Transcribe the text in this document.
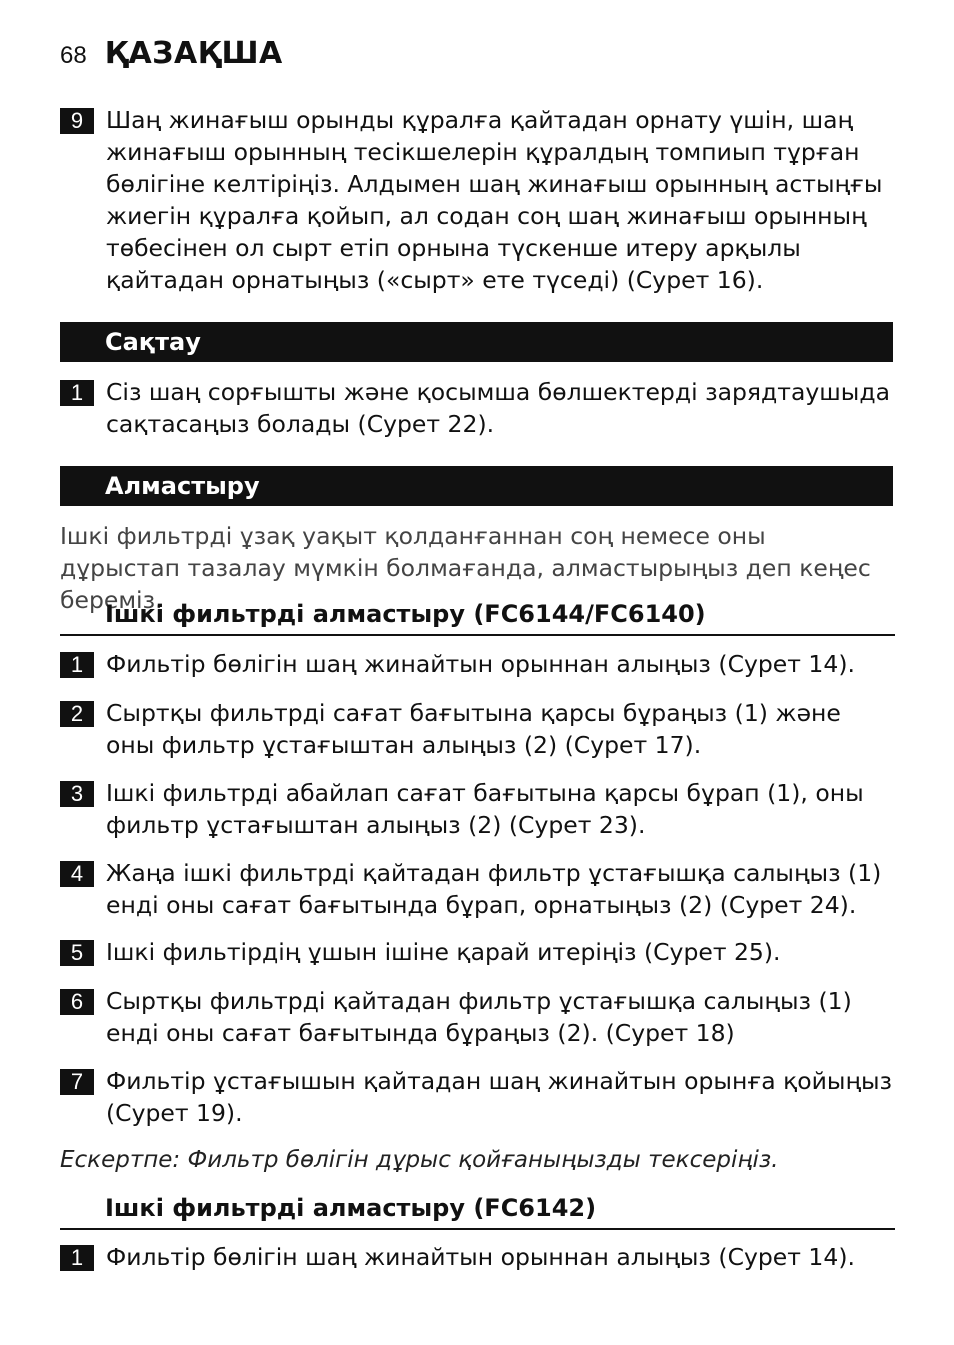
68 ҚАЗАҚША
9 Шаң жинағыш орынды құралға қайтадан орнату үшін, шаң жинағыш орынның тесікшелерін құралдың томпиып тұрған бөлігіне келтіріңіз. Алдымен шаң жинағыш орынның астыңғы жиегін құралға қойып, ал содан соң шаң жинағыш орынның төбесінен ол сырт етіп орнына түскенше итеру арқылы қайтадан орнатыңыз («сырт» ете түседі) (Сурет 16).
Сақтау
1 Сіз шаң сорғышты және қосымша бөлшектерді зарядтаушыда сақтасаңыз болады (Сурет 22).
Алмастыру
Ішкі фильтрді ұзақ уақыт қолданғаннан соң немесе оны дұрыстап тазалау мүмкін болмағанда, алмастырыңыз деп кеңес береміз.
Ішкі фильтрді алмастыру (FC6144/FC6140)
1 Фильтір бөлігін шаң жинайтын орыннан алыңыз (Сурет 14).
2 Сыртқы фильтрді сағат бағытына қарсы бұраңыз (1) және оны фильтр ұстағыштан алыңыз (2) (Сурет 17).
3 Ішкі фильтрді абайлап сағат бағытына қарсы бұрап (1), оны фильтр ұстағыштан алыңыз (2) (Сурет 23).
4 Жаңа ішкі фильтрді қайтадан фильтр ұстағышқа салыңыз (1) енді оны сағат бағытында бұрап, орнатыңыз (2) (Сурет 24).
5 Ішкі фильтірдің ұшын ішіне қарай итеріңіз (Сурет 25).
6 Сыртқы фильтрді қайтадан фильтр ұстағышқа салыңыз (1) енді оны сағат бағытында бұраңыз (2). (Сурет 18)
7 Фильтір ұстағышын қайтадан шаң жинайтын орынға қойыңыз (Сурет 19).
Ескертпе: Фильтр бөлігін дұрыс қойғаныңызды тексеріңіз.
Ішкі фильтрді алмастыру (FC6142)
1 Фильтір бөлігін шаң жинайтын орыннан алыңыз (Сурет 14).
